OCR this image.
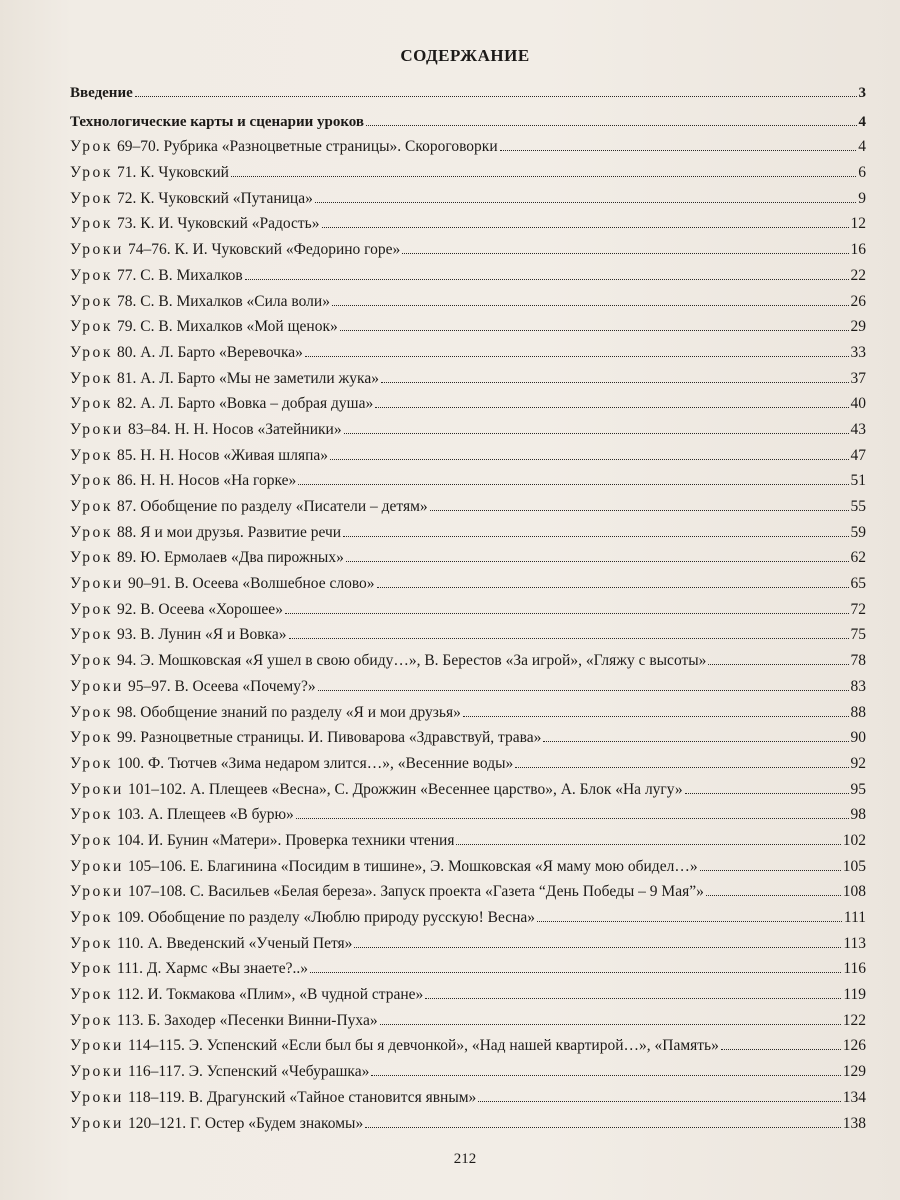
СОДЕРЖАНИЕ
Введение	3
Технологические карты и сценарии уроков	4
Урок 69–70. Рубрика «Разноцветные страницы». Скороговорки	4
Урок 71. К. Чуковский	6
Урок 72. К. Чуковский «Путаница»	9
Урок 73. К. И. Чуковский «Радость»	12
Уроки 74–76. К. И. Чуковский «Федорино горе»	16
Урок 77. С. В. Михалков	22
Урок 78. С. В. Михалков «Сила воли»	26
Урок 79. С. В. Михалков «Мой щенок»	29
Урок 80. А. Л. Барто «Веревочка»	33
Урок 81. А. Л. Барто «Мы не заметили жука»	37
Урок 82. А. Л. Барто «Вовка – добрая душа»	40
Уроки 83–84. Н. Н. Носов «Затейники»	43
Урок 85. Н. Н. Носов «Живая шляпа»	47
Урок 86. Н. Н. Носов «На горке»	51
Урок 87. Обобщение по разделу «Писатели – детям»	55
Урок 88. Я и мои друзья. Развитие речи	59
Урок 89. Ю. Ермолаев «Два пирожных»	62
Уроки 90–91. В. Осеева «Волшебное слово»	65
Урок 92. В. Осеева «Хорошее»	72
Урок 93. В. Лунин «Я и Вовка»	75
Урок 94. Э. Мошковская «Я ушел в свою обиду…», В. Берестов «За игрой», «Гляжу с высоты»	78
Уроки 95–97. В. Осеева «Почему?»	83
Урок 98. Обобщение знаний по разделу «Я и мои друзья»	88
Урок 99. Разноцветные страницы. И. Пивоварова «Здравствуй, трава»	90
Урок 100. Ф. Тютчев «Зима недаром злится…», «Весенние воды»	92
Уроки 101–102. А. Плещеев «Весна», С. Дрожжин «Весеннее царство», А. Блок «На лугу»	95
Урок 103. А. Плещеев «В бурю»	98
Урок 104. И. Бунин «Матери». Проверка техники чтения	102
Уроки 105–106. Е. Благинина «Посидим в тишине», Э. Мошковская «Я маму мою обидел…»	105
Уроки 107–108. С. Васильев «Белая береза». Запуск проекта «Газета “День Победы – 9 Мая”»	108
Урок 109. Обобщение по разделу «Люблю природу русскую! Весна»	111
Урок 110. А. Введенский «Ученый Петя»	113
Урок 111. Д. Хармс «Вы знаете?..»	116
Урок 112. И. Токмакова «Плим», «В чудной стране»	119
Урок 113. Б. Заходер «Песенки Винни-Пуха»	122
Уроки 114–115. Э. Успенский «Если был бы я девчонкой», «Над нашей квартирой…», «Память»	126
Уроки 116–117. Э. Успенский «Чебурашка»	129
Уроки 118–119. В. Драгунский «Тайное становится явным»	134
Уроки 120–121. Г. Остер «Будем знакомы»	138
212
